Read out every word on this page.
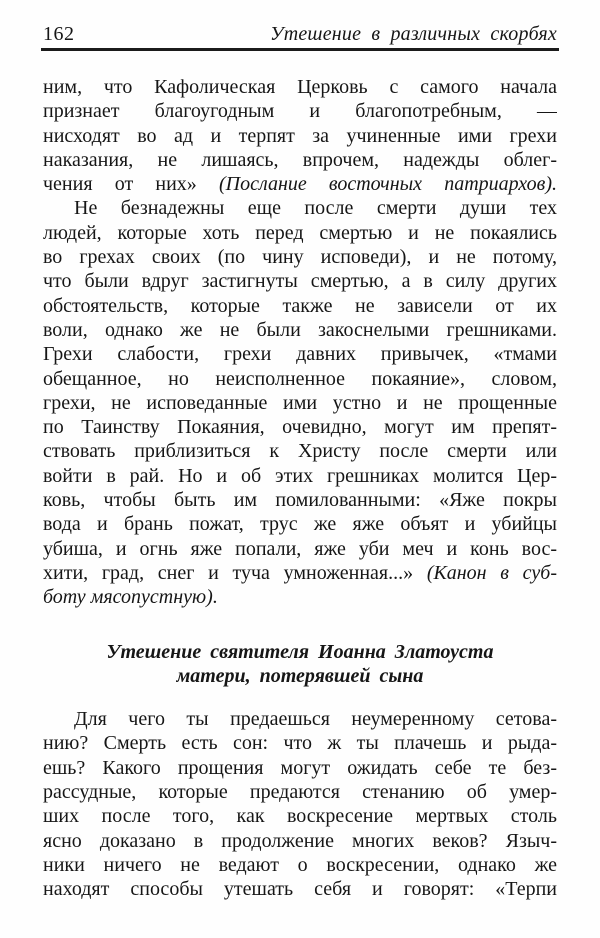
162	Утешение в различных скорбях
ним, что Кафолическая Церковь с самого начала
признает благоугодным и благопотребным, —
нисходят во ад и терпят за учиненные ими грехи
наказания, не лишаясь, впрочем, надежды облег-
чения от них» (Послание восточных патриархов).
Не безнадежны еще после смерти души тех
людей, которые хоть перед смертью и не покаялись
во грехах своих (по чину исповеди), и не потому,
что были вдруг застигнуты смертью, а в силу других
обстоятельств, которые также не зависели от их
воли, однако же не были закоснелыми грешниками.
Грехи слабости, грехи давних привычек, «тмами
обещанное, но неисполненное покаяние», словом,
грехи, не исповеданные ими устно и не прощенные
по Таинству Покаяния, очевидно, могут им препят-
ствовать приблизиться к Христу после смерти или
войти в рай. Но и об этих грешниках молится Цер-
ковь, чтобы быть им помилованными: «Яже покры
вода и брань пожат, трус же яже объят и убийцы
убиша, и огнь яже попали, яже уби меч и конь вос-
хити, град, снег и туча умноженная...» (Канон в суб-
боту мясопустную).
Утешение святителя Иоанна Златоуста
матери, потерявшей сына
Для чего ты предаешься неумеренному сетова-
нию? Смерть есть сон: что ж ты плачешь и рыда-
ешь? Какого прощения могут ожидать себе те без-
рассудные, которые предаются стенанию об умер-
ших после того, как воскресение мертвых столь
ясно доказано в продолжение многих веков? Языч-
ники ничего не ведают о воскресении, однако же
находят способы утешать себя и говорят: «Терпи
